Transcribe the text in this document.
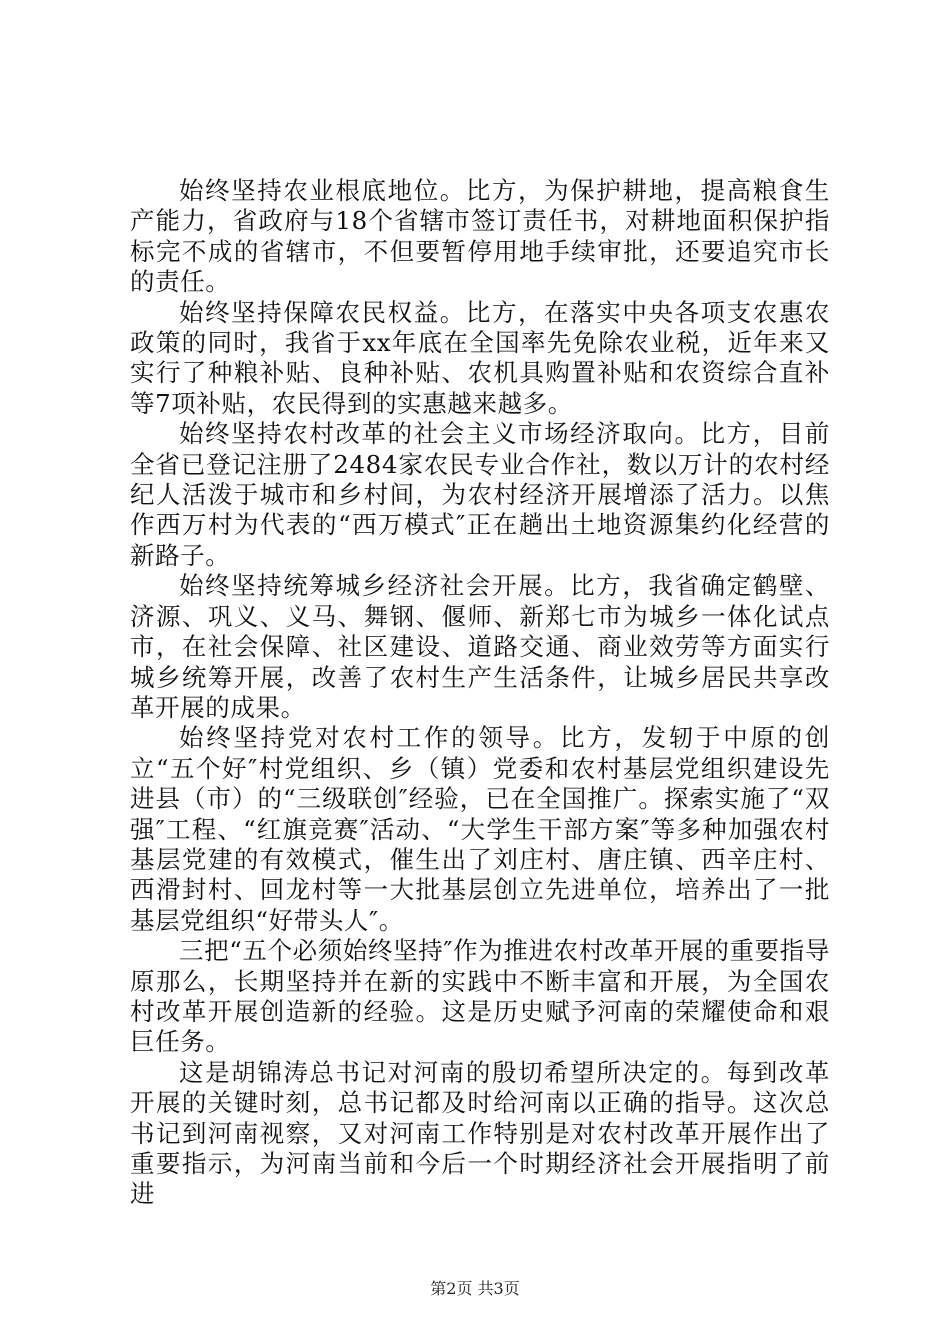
始终坚持农业根底地位。比方，为保护耕地，提高粮食生产能力，省政府与18个省辖市签订责任书，对耕地面积保护指标完不成的省辖市，不但要暂停用地手续审批，还要追究市长的责任。

始终坚持保障农民权益。比方，在落实中央各项支农惠农政策的同时，我省于xx年底在全国率先免除农业税，近年来又实行了种粮补贴、良种补贴、农机具购置补贴和农资综合直补等7项补贴，农民得到的实惠越来越多。

始终坚持农村改革的社会主义市场经济取向。比方，目前全省已登记注册了2484家农民专业合作社，数以万计的农村经纪人活泼于城市和乡村间，为农村经济开展增添了活力。以焦作西万村为代表的“西万模式″正在趟出土地资源集约化经营的新路子。

始终坚持统筹城乡经济社会开展。比方，我省确定鹤壁、济源、巩义、义马、舞钢、偃师、新郑七市为城乡一体化试点市，在社会保障、社区建设、道路交通、商业效劳等方面实行城乡统筹开展，改善了农村生产生活条件，让城乡居民共享改革开展的成果。

始终坚持党对农村工作的领导。比方，发轫于中原的创立“五个好″村党组织、乡（镇）党委和农村基层党组织建设先进县（市）的“三级联创″经验，已在全国推广。探索实施了“双强″工程、“红旗竞赛″活动、“大学生干部方案″等多种加强农村基层党建的有效模式，催生出了刘庄村、唐庄镇、西辛庄村、西滑封村、回龙村等一大批基层创立先进单位，培养出了一批基层党组织“好带头人″。

三把“五个必须始终坚持″作为推进农村改革开展的重要指导原那么，长期坚持并在新的实践中不断丰富和开展，为全国农村改革开展创造新的经验。这是历史赋予河南的荣耀使命和艰巨任务。

这是胡锦涛总书记对河南的殷切希望所决定的。每到改革开展的关键时刻，总书记都及时给河南以正确的指导。这次总书记到河南视察，又对河南工作特别是对农村改革开展作出了重要指示，为河南当前和今后一个时期经济社会开展指明了前进

第2页 共3页
